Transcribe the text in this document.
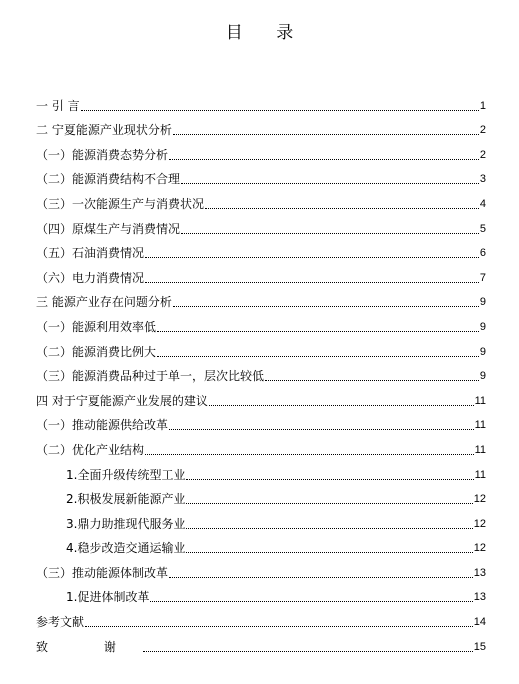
目 录
一 引 言	1
二 宁夏能源产业现状分析	2
（一）能源消费态势分析	2
（二）能源消费结构不合理	3
（三）一次能源生产与消费状况	4
（四）原煤生产与消费情况	5
（五）石油消费情况	6
（六）电力消费情况	7
三 能源产业存在问题分析	9
（一）能源利用效率低	9
（二）能源消费比例大	9
（三）能源消费品种过于单一，层次比较低	9
四 对于宁夏能源产业发展的建议	11
（一）推动能源供给改革	11
（二）优化产业结构	11
1.全面升级传统型工业	11
2.积极发展新能源产业	12
3.鼎力助推现代服务业	12
4.稳步改造交通运输业	12
（三）推动能源体制改革	13
1.促进体制改革	13
参考文献	14
致 谢	15
